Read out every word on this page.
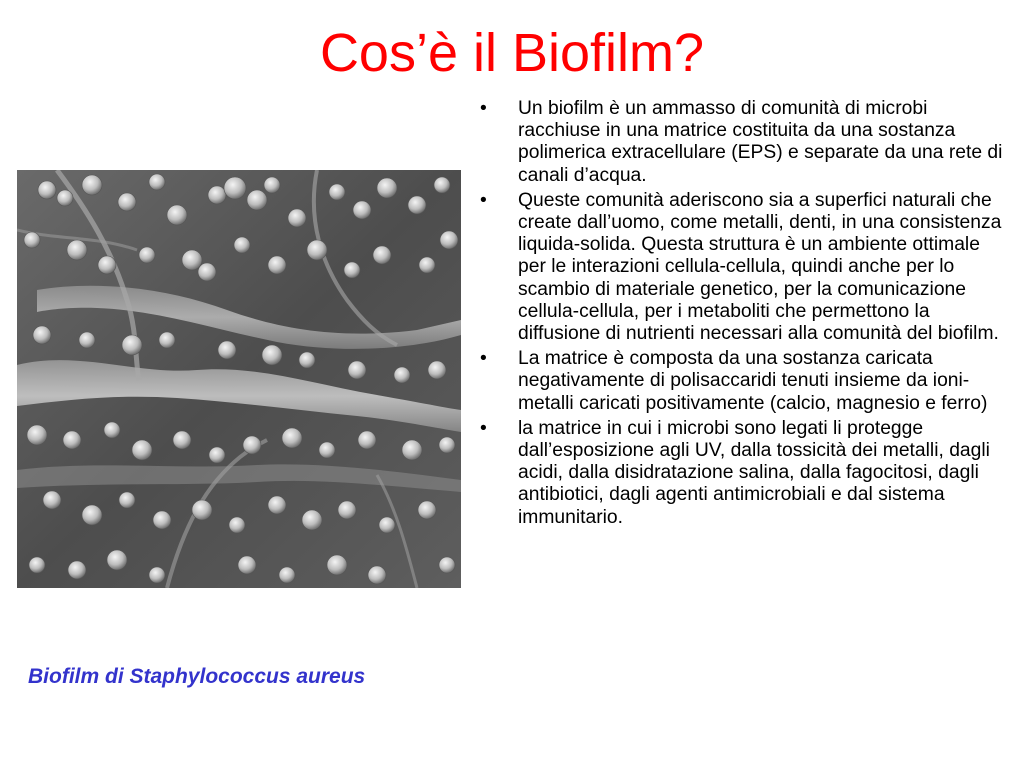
Cos’è il Biofilm?
Biofilm di Staphylococcus aureus
•	Un biofilm è un ammasso di comunità di microbi racchiuse in una matrice costituita da una sostanza polimerica extracellulare (EPS) e separate da una rete di canali d’acqua.
•	Queste comunità aderiscono sia a superfici naturali che create dall’uomo, come metalli, denti, in una consistenza liquida-solida. Questa struttura è un ambiente ottimale per le interazioni cellula-cellula, quindi anche per lo scambio di materiale genetico, per la comunicazione cellula-cellula, per i metaboliti che permettono la diffusione di nutrienti necessari alla comunità del biofilm.
•	La matrice è composta da una sostanza caricata negativamente di polisaccaridi tenuti insieme da ioni-metalli caricati positivamente (calcio, magnesio e ferro)
•	la matrice in cui i microbi sono legati li protegge dall’esposizione agli UV, dalla tossicità dei metalli, dagli acidi, dalla disidratazione salina, dalla fagocitosi, dagli antibiotici, dagli agenti antimicrobiali e dal sistema immunitario.
